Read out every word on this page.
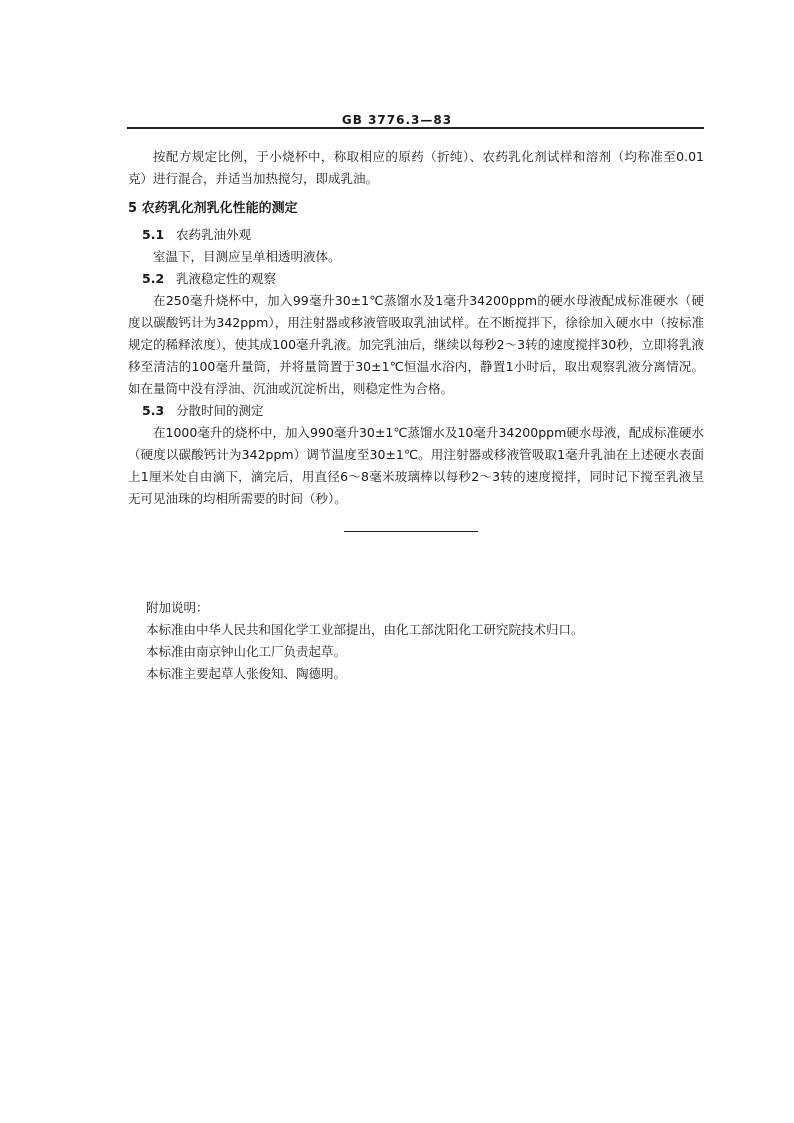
GB 3776.3—83

按配方规定比例，于小烧杯中，称取相应的原药（折纯）、农药乳化剂试样和溶剂（均称准至0.01克）进行混合，并适当加热搅匀，即成乳油。

5 农药乳化剂乳化性能的测定

5.1 农药乳油外观

室温下，目测应呈单相透明液体。

5.2 乳液稳定性的观察

在250毫升烧杯中，加入99毫升30±1℃蒸馏水及1毫升34200ppm的硬水母液配成标准硬水（硬度以碳酸钙计为342ppm），用注射器或移液管吸取乳油试样。在不断搅拌下，徐徐加入硬水中（按标准规定的稀释浓度），使其成100毫升乳液。加完乳油后，继续以每秒2～3转的速度搅拌30秒，立即将乳液移至清洁的100毫升量筒，并将量筒置于30±1℃恒温水浴内，静置1小时后，取出观察乳液分离情况。如在量筒中没有浮油、沉油或沉淀析出，则稳定性为合格。

5.3 分散时间的测定

在1000毫升的烧杯中，加入990毫升30±1℃蒸馏水及10毫升34200ppm硬水母液，配成标准硬水（硬度以碳酸钙计为342ppm）调节温度至30±1℃。用注射器或移液管吸取1毫升乳油在上述硬水表面上1厘米处自由滴下，滴完后，用直径6～8毫米玻璃棒以每秒2～3转的速度搅拌，同时记下搅至乳液呈无可见油珠的均相所需要的时间（秒）。

附加说明：

本标准由中华人民共和国化学工业部提出，由化工部沈阳化工研究院技术归口。

本标准由南京钟山化工厂负责起草。

本标准主要起草人张俊知、陶德明。
